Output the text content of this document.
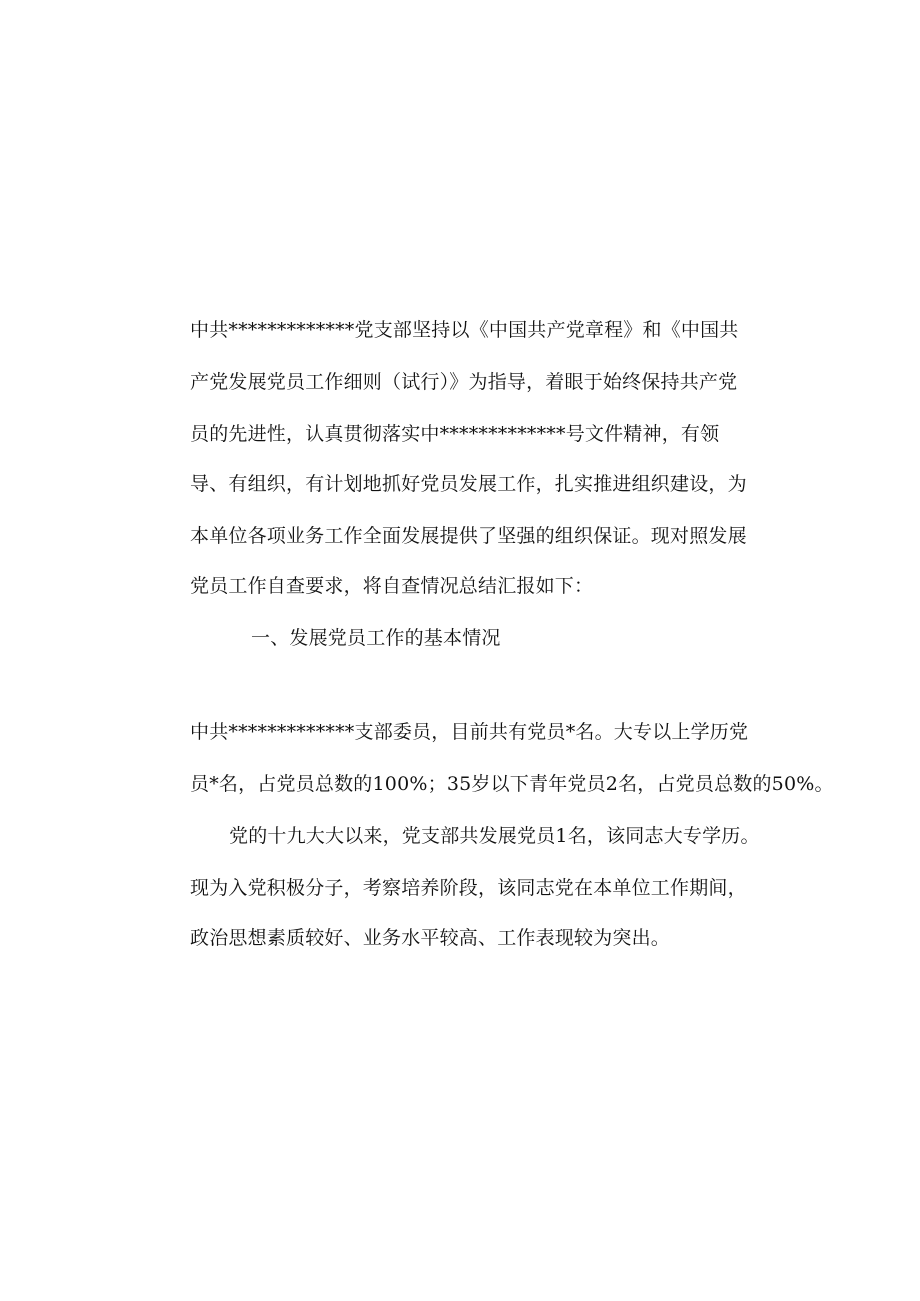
中共*************党支部坚持以《中国共产党章程》和《中国共
产党发展党员工作细则（试行）》为指导，着眼于始终保持共产党
员的先进性，认真贯彻落实中*************号文件精神，有领
导、有组织，有计划地抓好党员发展工作，扎实推进组织建设，为
本单位各项业务工作全面发展提供了坚强的组织保证。现对照发展
党员工作自查要求，将自查情况总结汇报如下：
一、发展党员工作的基本情况
中共*************支部委员，目前共有党员*名。大专以上学历党
员*名，占党员总数的100%；35岁以下青年党员2名，占党员总数的50%。
党的十九大大以来，党支部共发展党员1名，该同志大专学历。
现为入党积极分子，考察培养阶段，该同志党在本单位工作期间，
政治思想素质较好、业务水平较高、工作表现较为突出。
